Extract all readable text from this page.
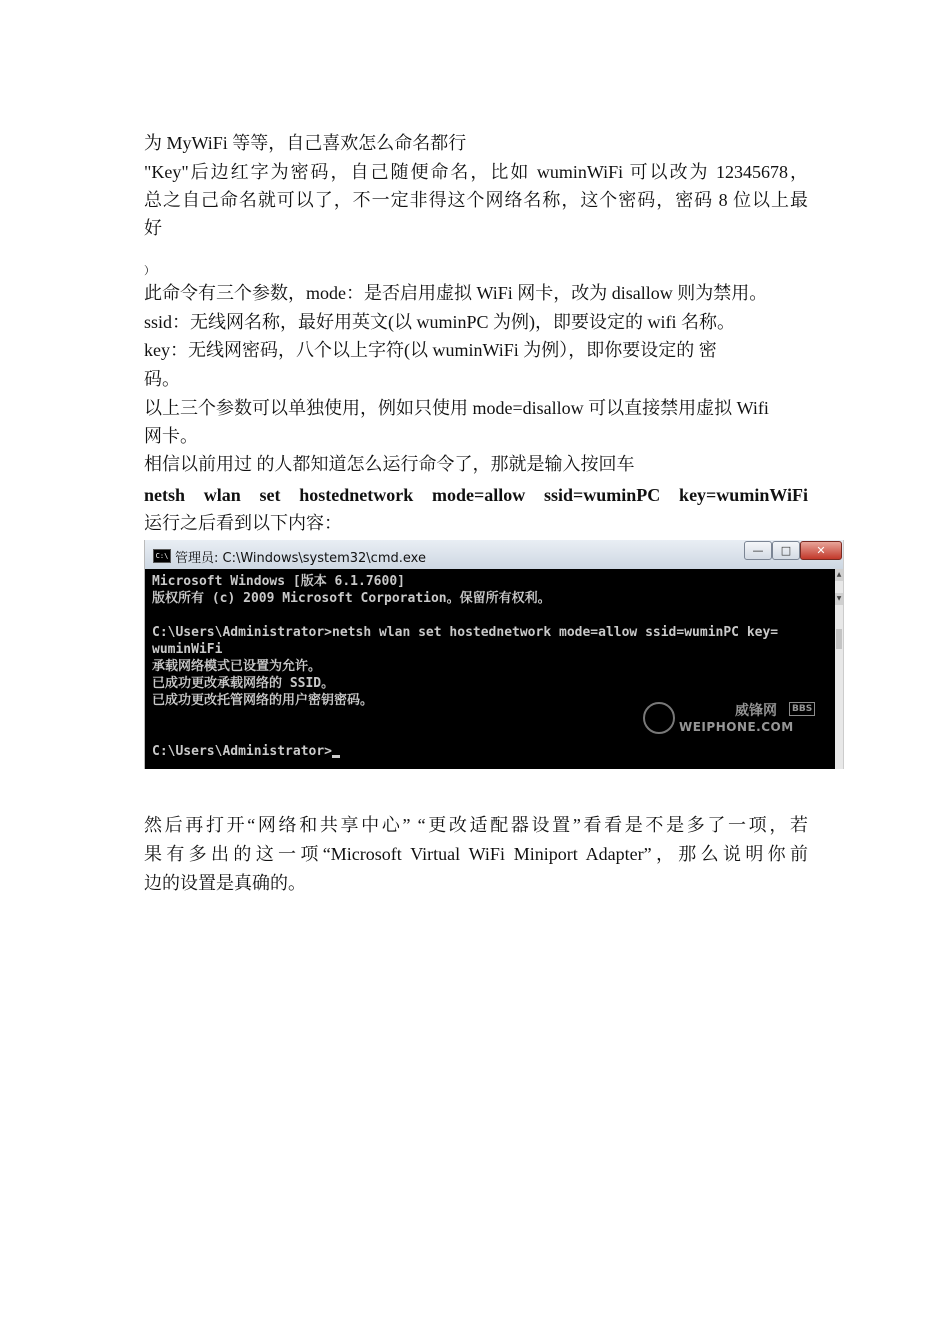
为 MyWiFi 等等，自己喜欢怎么命名都行
"Key"后边红字为密码，自己随便命名，比如 wuminWiFi 可以改为 12345678，
总之自己命名就可以了，不一定非得这个网络名称，这个密码，密码 8 位以上最
好
）
此命令有三个参数，mode：是否启用虚拟 WiFi 网卡，改为 disallow 则为禁用。
ssid：无线网名称，最好用英文(以 wuminPC 为例)，即要设定的 wifi 名称。
key：无线网密码，八个以上字符(以 wuminWiFi 为例），即你要设定的 密
码。
以上三个参数可以单独使用，例如只使用 mode=disallow 可以直接禁用虚拟 Wifi
网卡。
相信以前用过 的人都知道怎么运行命令了，那就是输入按回车
netsh wlan set hostednetwork mode=allow ssid=wuminPC key=wuminWiFi
运行之后看到以下内容：
C:\ 管理员: C:\Windows\system32\cmd.exe
—	□	✕

Microsoft Windows [版本 6.1.7600]

版权所有 (c) 2009 Microsoft Corporation。保留所有权利。

C:\Users\Administrator>netsh wlan set hostednetwork mode=allow ssid=wuminPC key=

wuminWiFi

承载网络模式已设置为允许。

已成功更改承载网络的 SSID。

已成功更改托管网络的用户密钥密码。

C:\Users\Administrator>

威锋网	BBS
WEIPHONE.COM
▲
▼
然后再打开“网络和共享中心” “更改适配器设置”看看是不是多了一项，若
果有多出的这一项“Microsoft Virtual WiFi Miniport Adapter”，那么说明你前
边的设置是真确的。
